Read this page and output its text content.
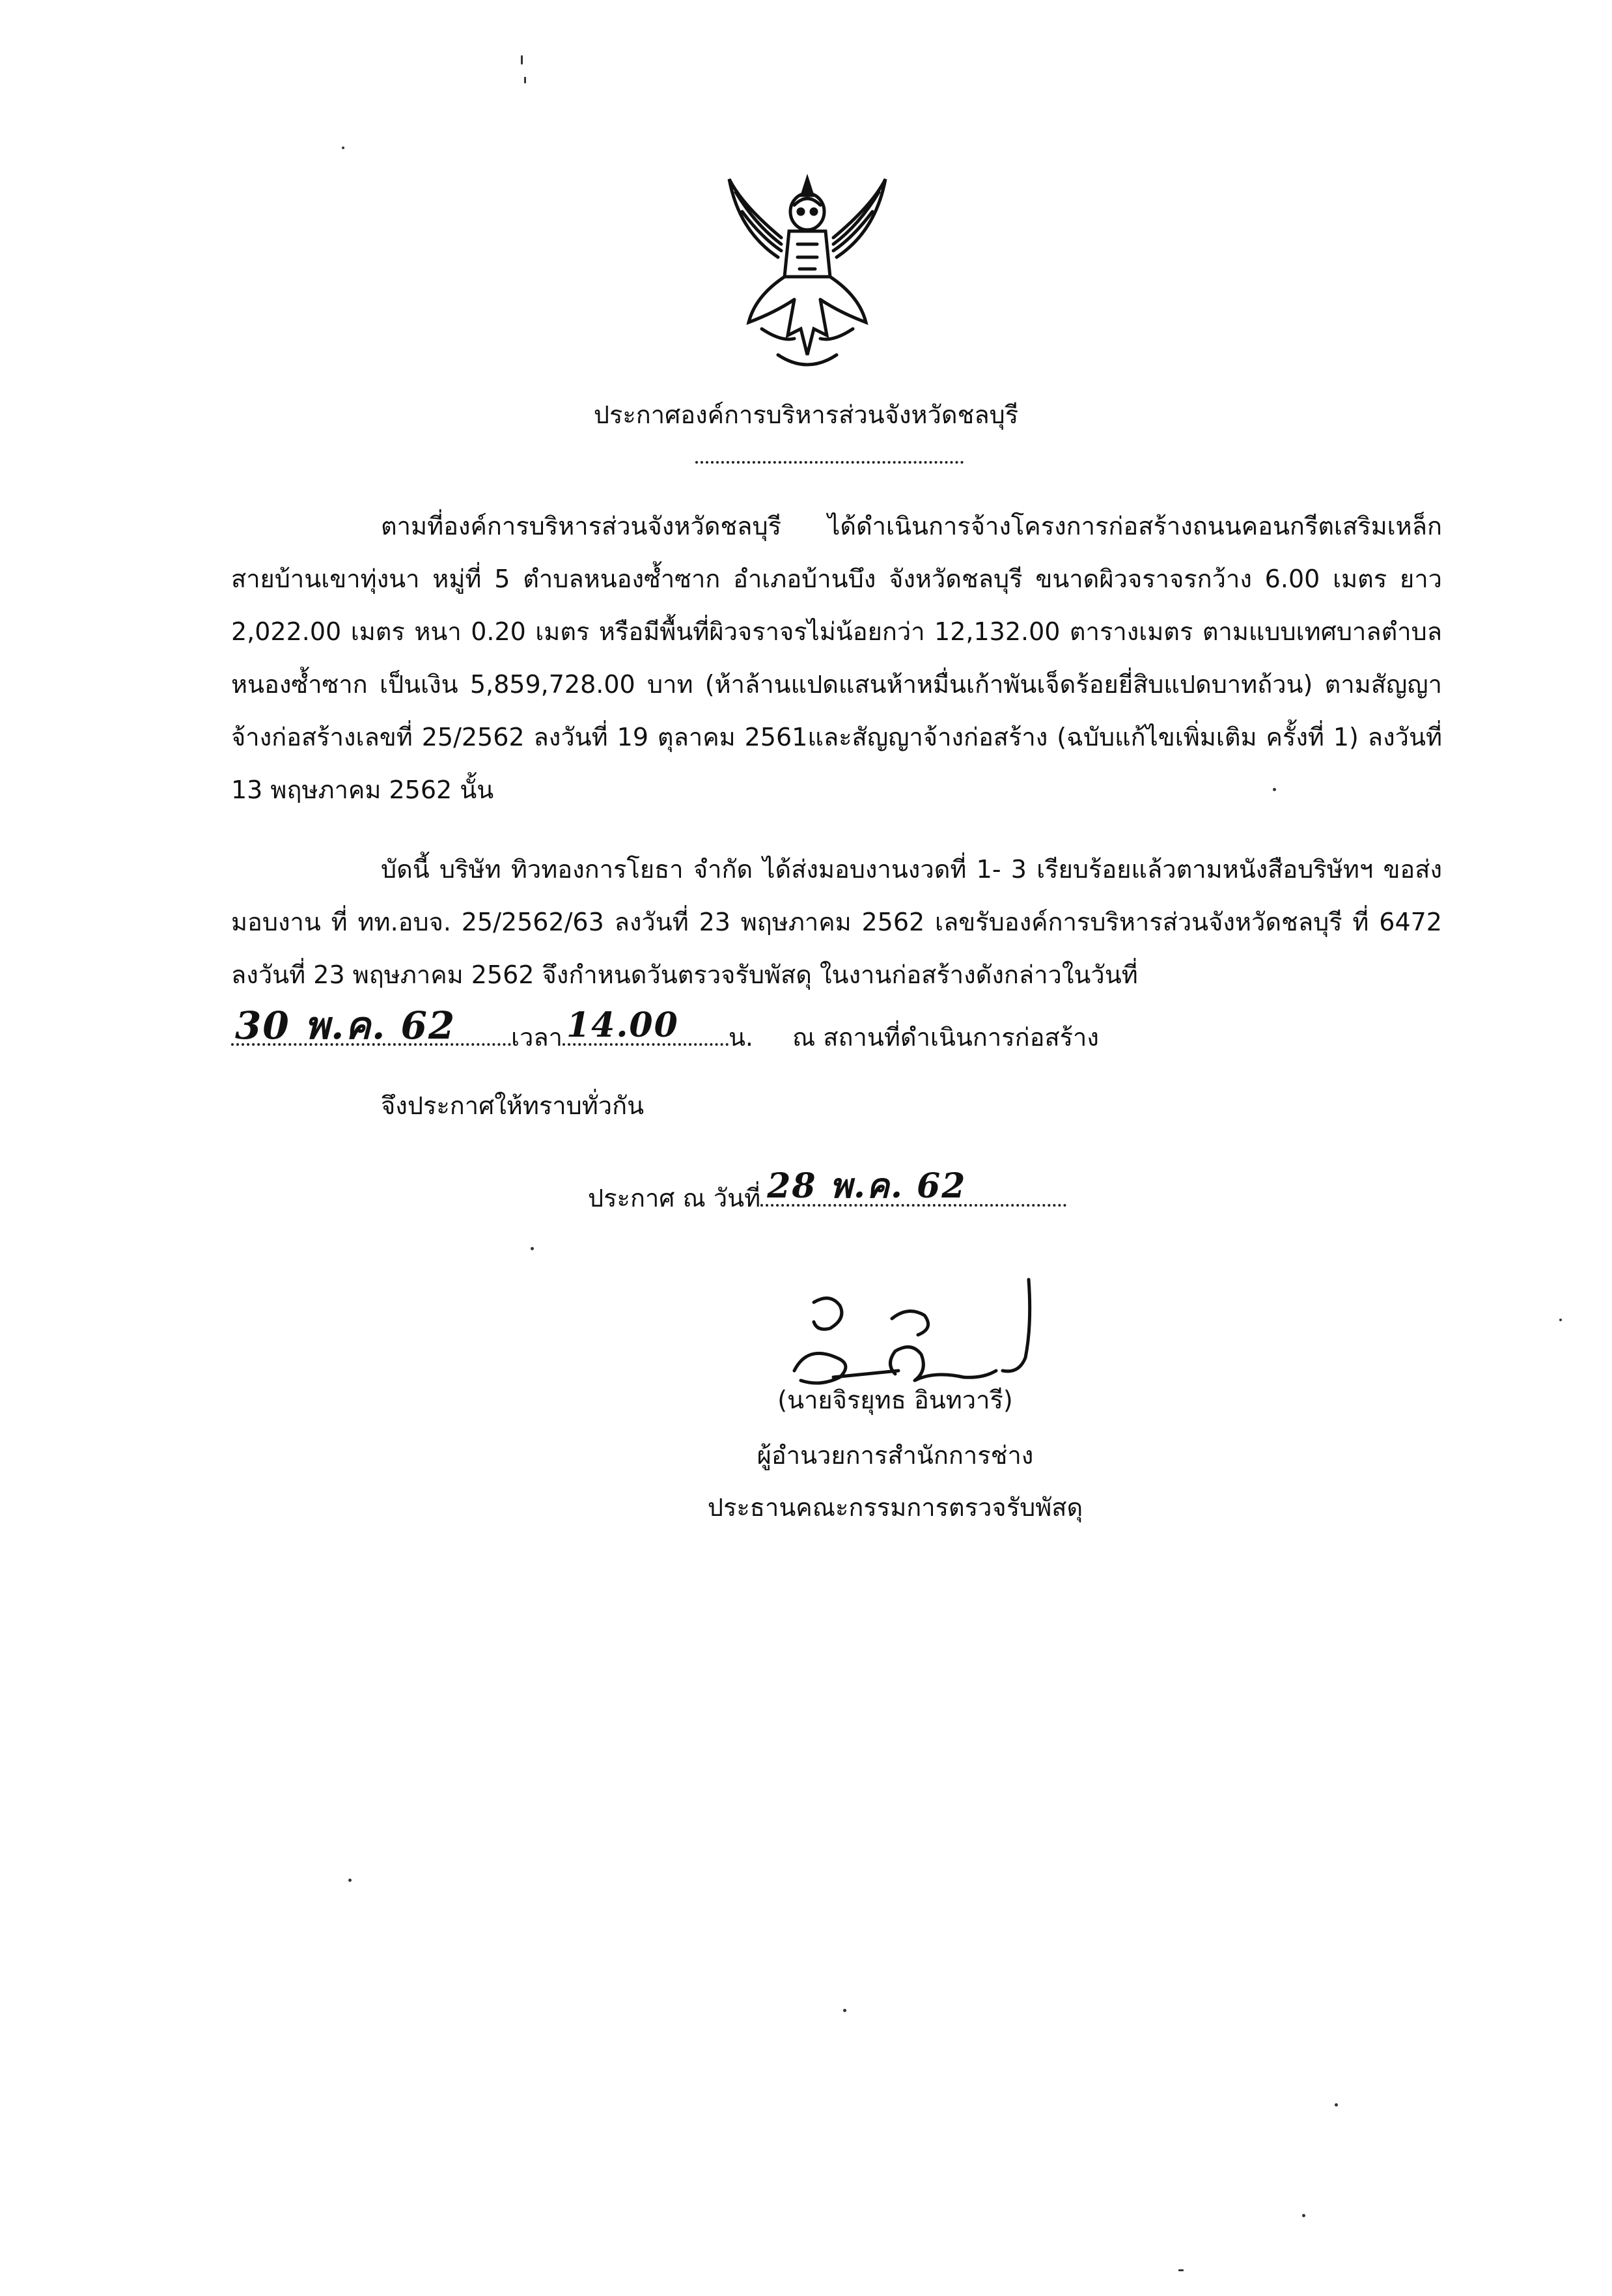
ประกาศองค์การบริหารส่วนจังหวัดชลบุรี
ตามที่องค์การบริหารส่วนจังหวัดชลบุรี ได้ดำเนินการจ้างโครงการก่อสร้างถนนคอนกรีตเสริมเหล็ก สายบ้านเขาทุ่งนา หมู่ที่ 5 ตำบลหนองซ้ำซาก อำเภอบ้านบึง จังหวัดชลบุรี ขนาดผิวจราจรกว้าง 6.00 เมตร ยาว 2,022.00 เมตร หนา 0.20 เมตร หรือมีพื้นที่ผิวจราจรไม่น้อยกว่า 12,132.00 ตารางเมตร ตามแบบเทศบาลตำบลหนองซ้ำซาก เป็นเงิน 5,859,728.00 บาท (ห้าล้านแปดแสนห้าหมื่นเก้าพันเจ็ดร้อยยี่สิบแปดบาทถ้วน) ตามสัญญาจ้างก่อสร้างเลขที่ 25/2562 ลงวันที่ 19 ตุลาคม 2561และสัญญาจ้างก่อสร้าง (ฉบับแก้ไขเพิ่มเติม ครั้งที่ 1) ลงวันที่ 13 พฤษภาคม 2562 นั้น
บัดนี้ บริษัท ทิวทองการโยธา จำกัด ได้ส่งมอบงานงวดที่ 1- 3 เรียบร้อยแล้วตามหนังสือบริษัทฯ ขอส่งมอบงาน ที่ ทท.อบจ. 25/2562/63 ลงวันที่ 23 พฤษภาคม 2562 เลขรับองค์การบริหารส่วนจังหวัดชลบุรี ที่ 6472 ลงวันที่ 23 พฤษภาคม 2562 จึงกำหนดวันตรวจรับพัสดุ ในงานก่อสร้างดังกล่าวในวันที่
30 พ.ค. 62 เวลา 14.00 น. ณ สถานที่ดำเนินการก่อสร้าง
จึงประกาศให้ทราบทั่วกัน
ประกาศ ณ วันที่ 28 พ.ค. 62
(นายจิรยุทธ อินทวารี)
ผู้อำนวยการสำนักการช่าง
ประธานคณะกรรมการตรวจรับพัสดุ
